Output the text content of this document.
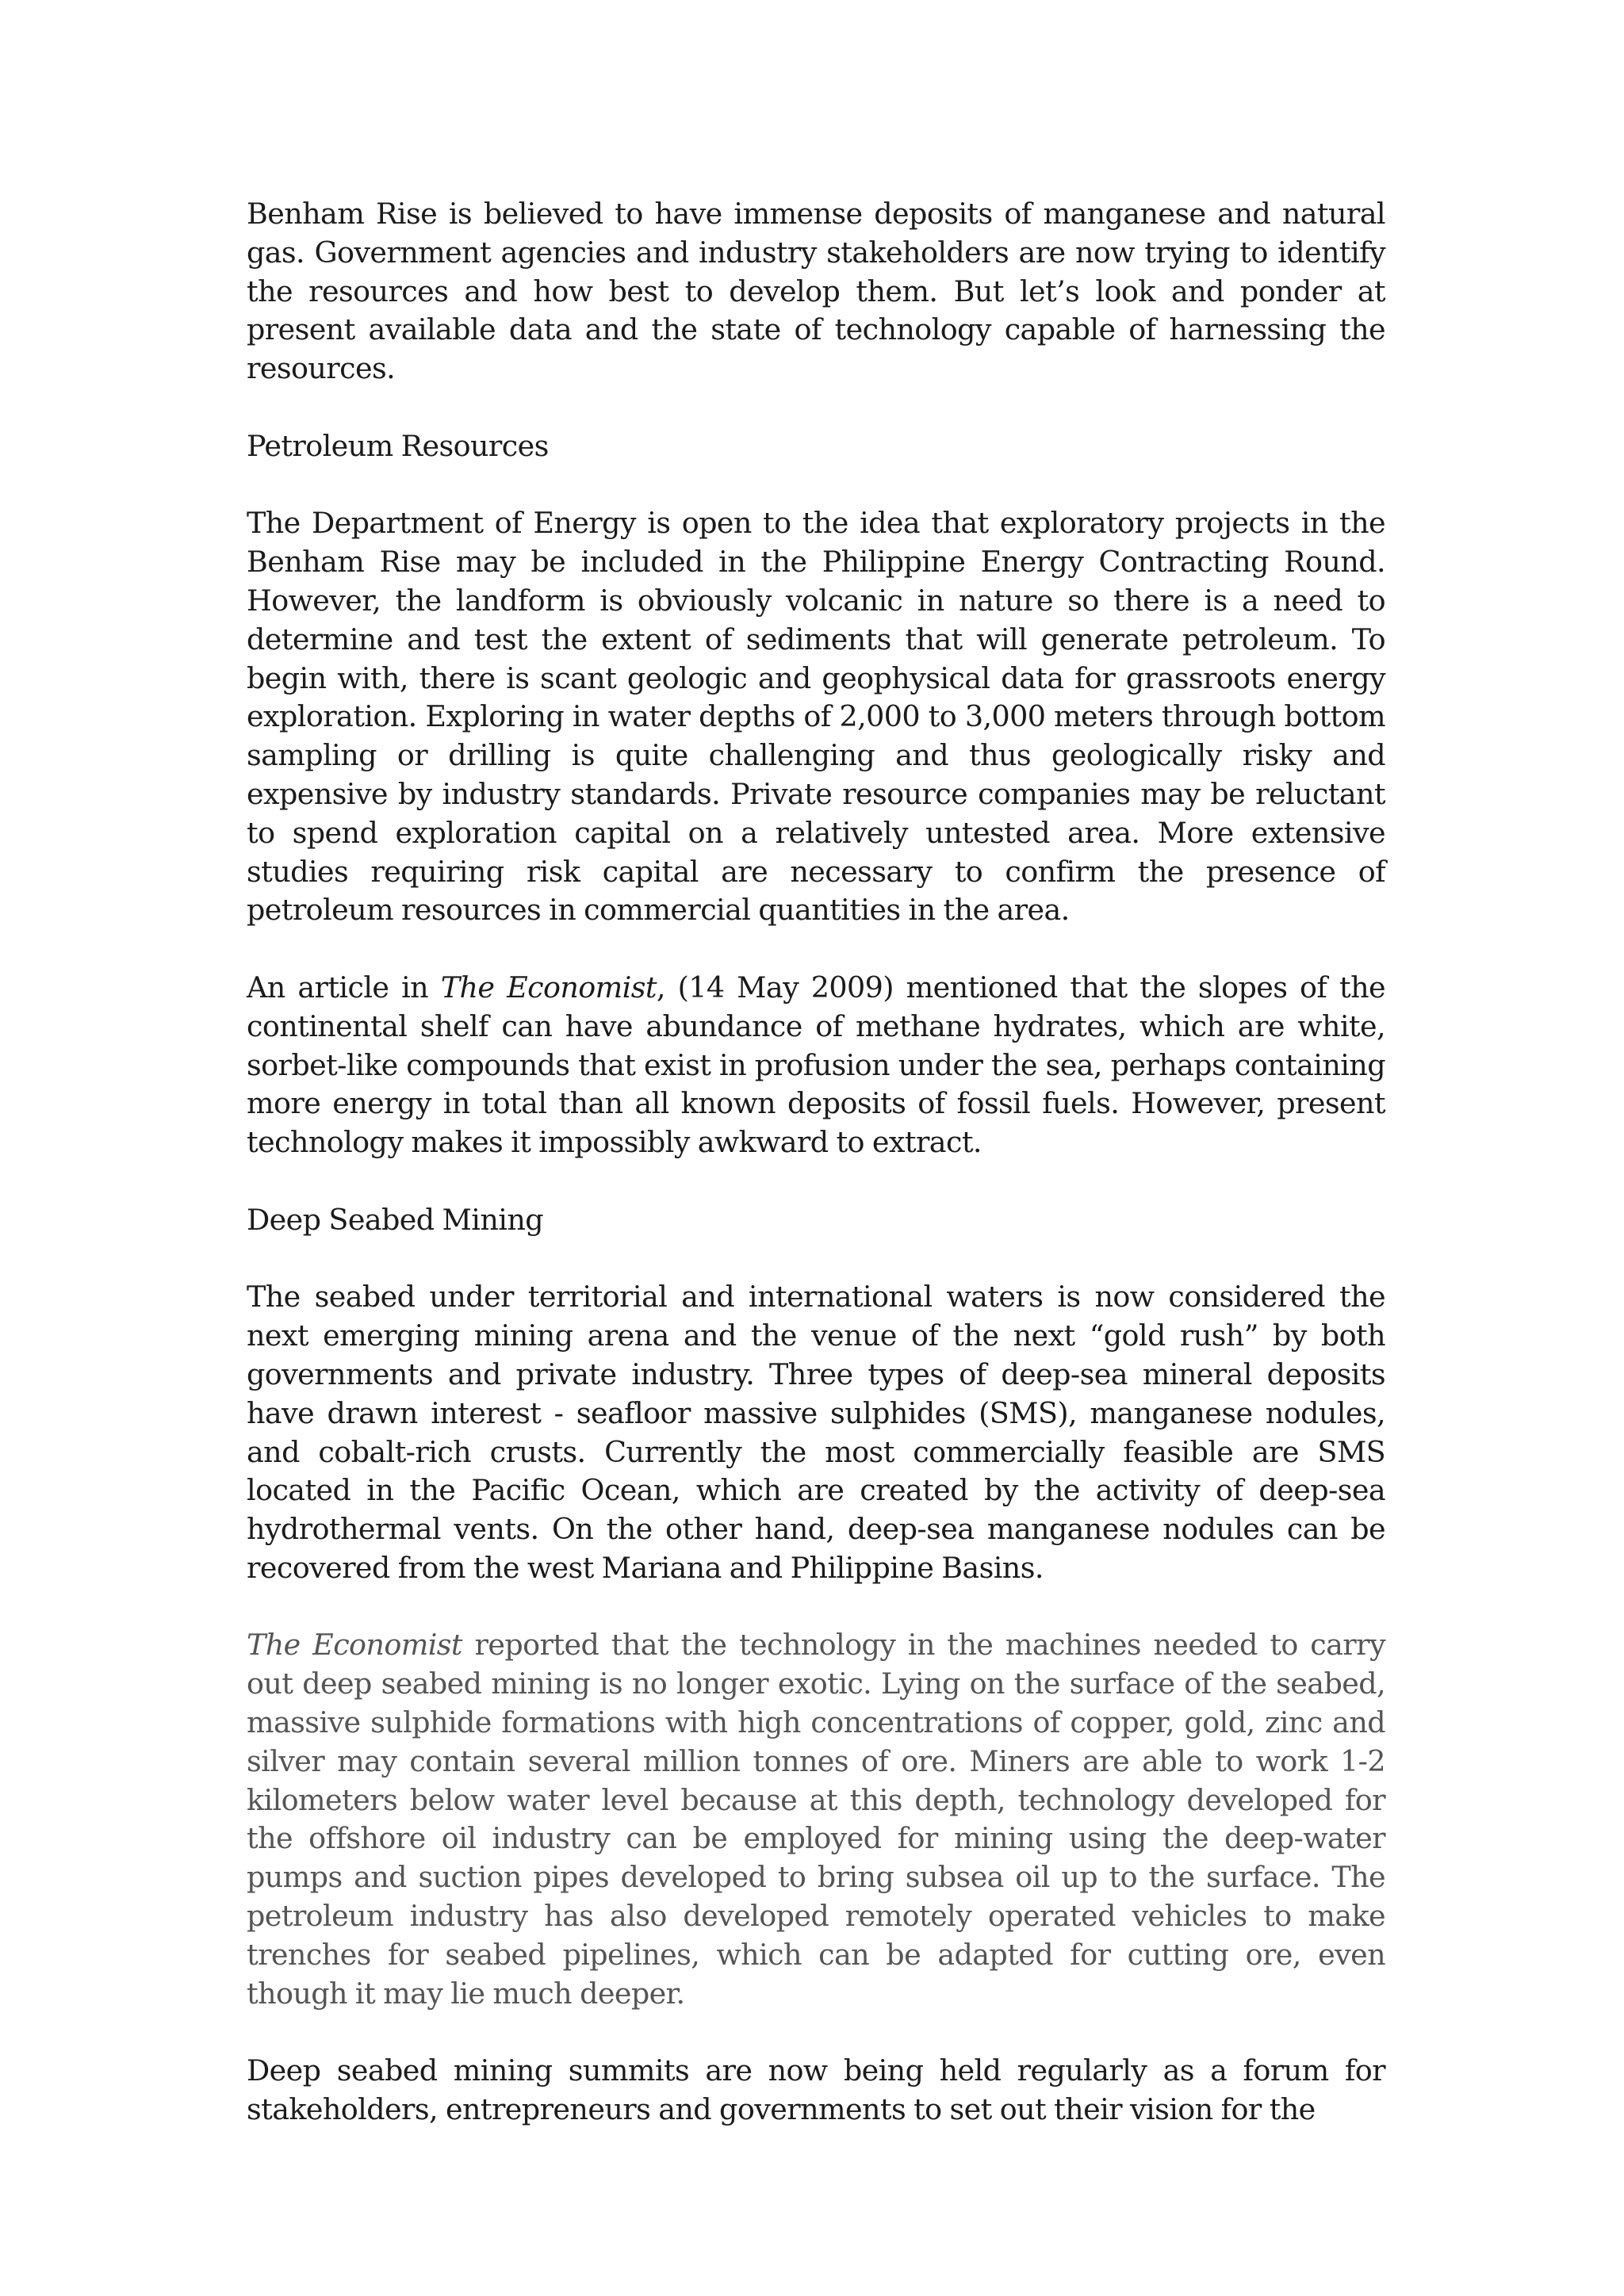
Benham Rise is believed to have immense deposits of manganese and natural gas. Government agencies and industry stakeholders are now trying to identify the resources and how best to develop them. But let’s look and ponder at present available data and the state of technology capable of harnessing the resources.

Petroleum Resources

The Department of Energy is open to the idea that exploratory projects in the Benham Rise may be included in the Philippine Energy Contracting Round. However, the landform is obviously volcanic in nature so there is a need to determine and test the extent of sediments that will generate petroleum. To begin with, there is scant geologic and geophysical data for grassroots energy exploration. Exploring in water depths of 2,000 to 3,000 meters through bottom sampling or drilling is quite challenging and thus geologically risky and expensive by industry standards. Private resource companies may be reluctant to spend exploration capital on a relatively untested area. More extensive studies requiring risk capital are necessary to confirm the presence of petroleum resources in commercial quantities in the area.

An article in The Economist, (14 May 2009) mentioned that the slopes of the continental shelf can have abundance of methane hydrates, which are white, sorbet-like compounds that exist in profusion under the sea, perhaps containing more energy in total than all known deposits of fossil fuels. However, present technology makes it impossibly awkward to extract.

Deep Seabed Mining

The seabed under territorial and international waters is now considered the next emerging mining arena and the venue of the next “gold rush” by both governments and private industry. Three types of deep-sea mineral deposits have drawn interest - seafloor massive sulphides (SMS), manganese nodules, and cobalt-rich crusts. Currently the most commercially feasible are SMS located in the Pacific Ocean, which are created by the activity of deep-sea hydrothermal vents. On the other hand, deep-sea manganese nodules can be recovered from the west Mariana and Philippine Basins.

The Economist reported that the technology in the machines needed to carry out deep seabed mining is no longer exotic. Lying on the surface of the seabed, massive sulphide formations with high concentrations of copper, gold, zinc and silver may contain several million tonnes of ore. Miners are able to work 1-2 kilometers below water level because at this depth, technology developed for the offshore oil industry can be employed for mining using the deep-water pumps and suction pipes developed to bring subsea oil up to the surface. The petroleum industry has also developed remotely operated vehicles to make trenches for seabed pipelines, which can be adapted for cutting ore, even though it may lie much deeper.

Deep seabed mining summits are now being held regularly as a forum for stakeholders, entrepreneurs and governments to set out their vision for the
